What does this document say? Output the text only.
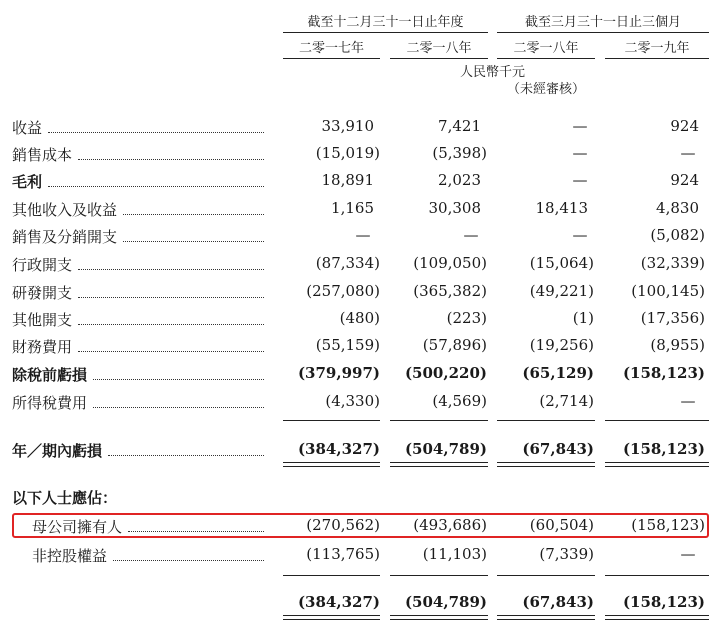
截至十二月三十一日止年度	截至三月三十一日止三個月
二零一七年	二零一八年	二零一八年	二零一九年
人民幣千元
（未經審核）
收益	33,910	7,421	—	924
銷售成本	(15,019)	(5,398)	—	—
毛利	18,891	2,023	—	924
其他收入及收益	1,165	30,308	18,413	4,830
銷售及分銷開支	—	—	—	(5,082)
行政開支	(87,334)	(109,050)	(15,064)	(32,339)
研發開支	(257,080)	(365,382)	(49,221)	(100,145)
其他開支	(480)	(223)	(1)	(17,356)
財務費用	(55,159)	(57,896)	(19,256)	(8,955)
除稅前虧損	(379,997)	(500,220)	(65,129)	(158,123)
所得稅費用	(4,330)	(4,569)	(2,714)	—
年／期內虧損	(384,327)	(504,789)	(67,843)	(158,123)
以下人士應佔：
母公司擁有人	(270,562)	(493,686)	(60,504)	(158,123)
非控股權益	(113,765)	(11,103)	(7,339)	—
(384,327)	(504,789)	(67,843)	(158,123)
